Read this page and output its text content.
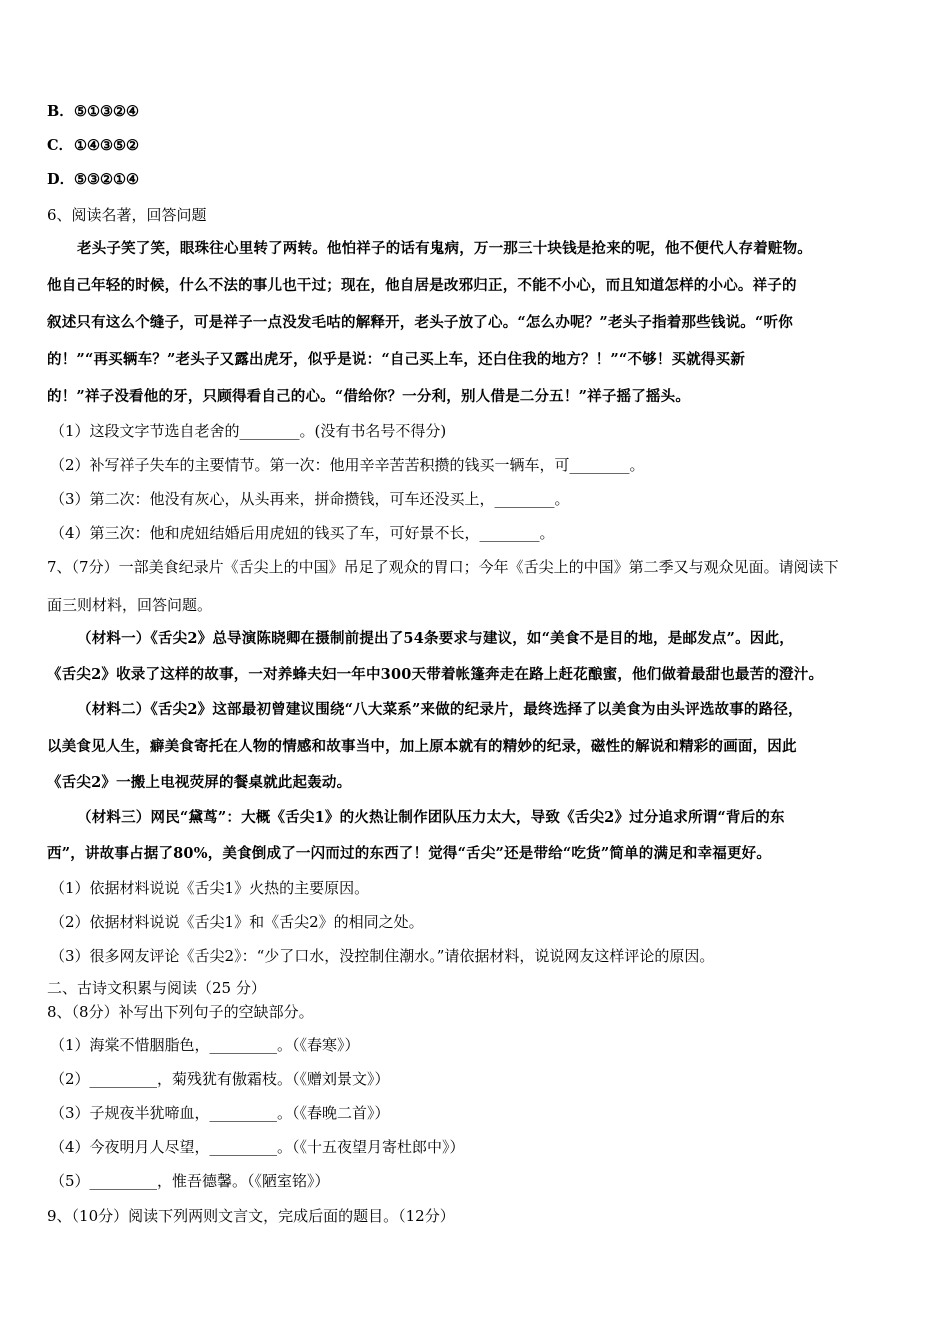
B．⑤①③②④
C．①④③⑤②
D．⑤③②①④
6、阅读名著，回答问题
老头子笑了笑，眼珠往心里转了两转。他怕祥子的话有鬼病，万一那三十块钱是抢来的呢，他不便代人存着赃物。
他自己年轻的时候，什么不法的事儿也干过；现在，他自居是改邪归正，不能不小心，而且知道怎样的小心。祥子的
叙述只有这么个缝子，可是祥子一点没发毛咕的解释开，老头子放了心。“怎么办呢？”老头子指着那些钱说。“听你
的！”“再买辆车？”老头子又露出虎牙，似乎是说：“自己买上车，还白住我的地方？！”“不够！买就得买新
的！”祥子没看他的牙，只顾得看自己的心。“借给你？一分利，别人借是二分五！”祥子摇了摇头。
（1）这段文字节选自老舍的________。(没有书名号不得分)
（2）补写祥子失车的主要情节。第一次：他用辛辛苦苦积攒的钱买一辆车，可________。
（3）第二次：他没有灰心，从头再来，拼命攒钱，可车还没买上，________。
（4）第三次：他和虎妞结婚后用虎妞的钱买了车，可好景不长，________。
7、（7分）一部美食纪录片《舌尖上的中国》吊足了观众的胃口；今年《舌尖上的中国》第二季又与观众见面。请阅读下
面三则材料，回答问题。
（材料一）《舌尖2》总导演陈晓卿在摄制前提出了54条要求与建议，如“美食不是目的地，是邮发点”。因此，
《舌尖2》收录了这样的故事，一对养蜂夫妇一年中300天带着帐篷奔走在路上赶花酿蜜，他们做着最甜也最苦的澄汁。
（材料二）《舌尖2》这部最初曾建议围绕“八大菜系”来做的纪录片，最终选择了以美食为由头评选故事的路径，
以美食见人生，癖美食寄托在人物的情感和故事当中，加上原本就有的精妙的纪录，磁性的解说和精彩的画面，因此
《舌尖2》一搬上电视荧屏的餐桌就此起轰动。
（材料三）网民“黛茑”：大概《舌尖1》的火热让制作团队压力太大，导致《舌尖2》过分追求所谓“背后的东
西”，讲故事占据了80%，美食倒成了一闪而过的东西了！觉得“舌尖”还是带给“吃货”简单的满足和幸福更好。
（1）依据材料说说《舌尖1》火热的主要原因。
（2）依据材料说说《舌尖1》和《舌尖2》的相同之处。
（3）很多网友评论《舌尖2》：“少了口水，没控制住潮水。”请依据材料，说说网友这样评论的原因。
二、古诗文积累与阅读（25 分）
8、（8分）补写出下列句子的空缺部分。
（1）海棠不惜胭脂色，_________。（《春寒》）
（2）_________，菊残犹有傲霜枝。（《赠刘景文》）
（3）子规夜半犹啼血，_________。（《春晚二首》）
（4）今夜明月人尽望，_________。（《十五夜望月寄杜郎中》）
（5）_________，惟吾德馨。（《陋室铭》）
9、（10分）阅读下列两则文言文，完成后面的题目。（12分）
